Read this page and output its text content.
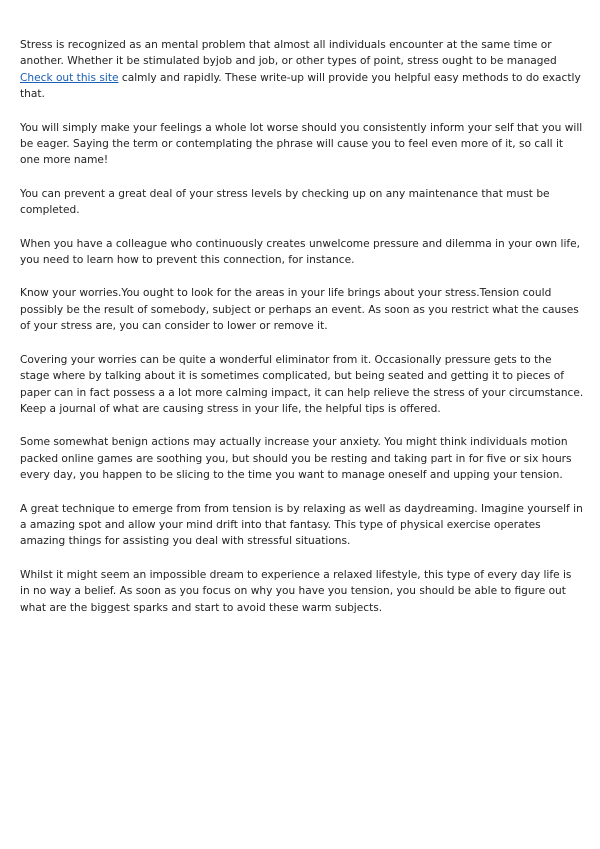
Stress is recognized as an mental problem that almost all individuals encounter at the same time or another. Whether it be stimulated byjob and job, or other types of point, stress ought to be managed Check out this site calmly and rapidly. These write-up will provide you helpful easy methods to do exactly that.

You will simply make your feelings a whole lot worse should you consistently inform your self that you will be eager. Saying the term or contemplating the phrase will cause you to feel even more of it, so call it one more name!

You can prevent a great deal of your stress levels by checking up on any maintenance that must be completed.

When you have a colleague who continuously creates unwelcome pressure and dilemma in your own life, you need to learn how to prevent this connection, for instance.

Know your worries.You ought to look for the areas in your life brings about your stress.Tension could possibly be the result of somebody, subject or perhaps an event. As soon as you restrict what the causes of your stress are, you can consider to lower or remove it.

Covering your worries can be quite a wonderful eliminator from it. Occasionally pressure gets to the stage where by talking about it is sometimes complicated, but being seated and getting it to pieces of paper can in fact possess a a lot more calming impact, it can help relieve the stress of your circumstance. Keep a journal of what are causing stress in your life, the helpful tips is offered.

Some somewhat benign actions may actually increase your anxiety. You might think individuals motion packed online games are soothing you, but should you be resting and taking part in for five or six hours every day, you happen to be slicing to the time you want to manage oneself and upping your tension.

A great technique to emerge from from tension is by relaxing as well as daydreaming. Imagine yourself in a amazing spot and allow your mind drift into that fantasy. This type of physical exercise operates amazing things for assisting you deal with stressful situations.

Whilst it might seem an impossible dream to experience a relaxed lifestyle, this type of every day life is in no way a belief. As soon as you focus on why you have you tension, you should be able to figure out what are the biggest sparks and start to avoid these warm subjects.
